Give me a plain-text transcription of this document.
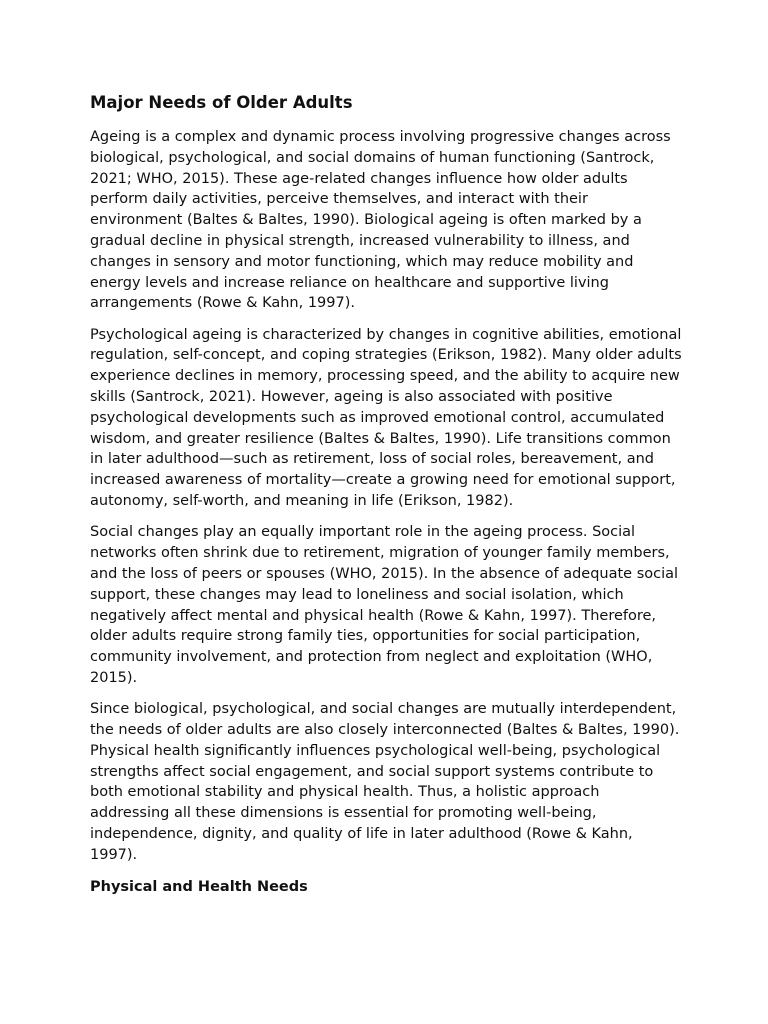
Major Needs of Older Adults

Ageing is a complex and dynamic process involving progressive changes across biological, psychological, and social domains of human functioning (Santrock, 2021; WHO, 2015). These age-related changes influence how older adults perform daily activities, perceive themselves, and interact with their environment (Baltes & Baltes, 1990). Biological ageing is often marked by a gradual decline in physical strength, increased vulnerability to illness, and changes in sensory and motor functioning, which may reduce mobility and energy levels and increase reliance on healthcare and supportive living arrangements (Rowe & Kahn, 1997).

Psychological ageing is characterized by changes in cognitive abilities, emotional regulation, self-concept, and coping strategies (Erikson, 1982). Many older adults experience declines in memory, processing speed, and the ability to acquire new skills (Santrock, 2021). However, ageing is also associated with positive psychological developments such as improved emotional control, accumulated wisdom, and greater resilience (Baltes & Baltes, 1990). Life transitions common in later adulthood—such as retirement, loss of social roles, bereavement, and increased awareness of mortality—create a growing need for emotional support, autonomy, self-worth, and meaning in life (Erikson, 1982).

Social changes play an equally important role in the ageing process. Social networks often shrink due to retirement, migration of younger family members, and the loss of peers or spouses (WHO, 2015). In the absence of adequate social support, these changes may lead to loneliness and social isolation, which negatively affect mental and physical health (Rowe & Kahn, 1997). Therefore, older adults require strong family ties, opportunities for social participation, community involvement, and protection from neglect and exploitation (WHO, 2015).

Since biological, psychological, and social changes are mutually interdependent, the needs of older adults are also closely interconnected (Baltes & Baltes, 1990). Physical health significantly influences psychological well-being, psychological strengths affect social engagement, and social support systems contribute to both emotional stability and physical health. Thus, a holistic approach addressing all these dimensions is essential for promoting well-being, independence, dignity, and quality of life in later adulthood (Rowe & Kahn, 1997).

Physical and Health Needs
